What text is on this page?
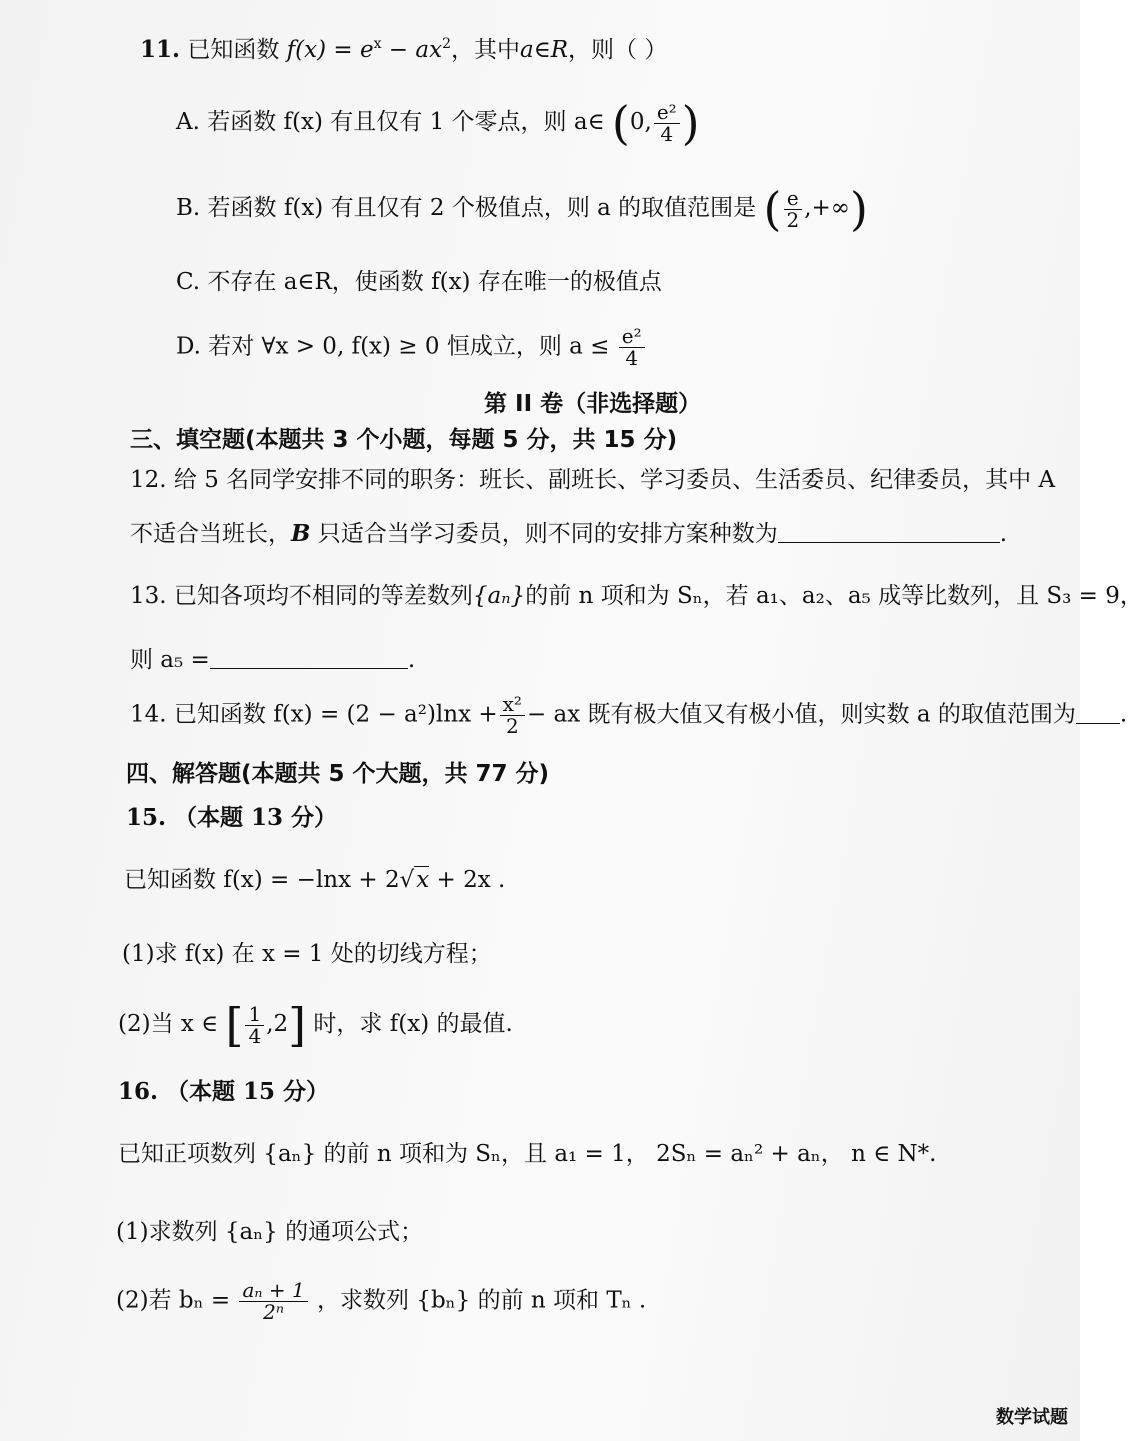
11. 已知函数 $f(x) = e^x - ax^2$，其中a∈R，则（ ）
A. 若函数 f(x) 有且仅有 1 个零点，则 a∈ (0, $\frac{\text{e²}}{4}$ )
B. 若函数 f(x) 有且仅有 2 个极值点，则 a 的取值范围是 ( $\frac{e}{2}$ ,+∞)
C. 不存在 a∈R，使函数 f(x) 存在唯一的极值点
D. 若对 ∀x > 0, f(x) ≥ 0 恒成立，则 $a \le \frac{\text{e²}}{4}$
第 II 卷（非选择题）
三、填空题(本题共 3 个小题，每题 5 分，共 15 分)
12. 给 5 名同学安排不同的职务：班长、副班长、学习委员、生活委员、纪律委员，其中 A
不适合当班长，B 只适合当学习委员，则不同的安排方案种数为	.
13. 已知各项均不相同的等差数列{aₙ}的前 n 项和为 Sₙ，若 a₁、a₂、a₅ 成等比数列，且 S₃ = 9，
则 a₅ =	.
14. 已知函数 $f(x) = (2 - a^2)\ln x + \frac{\text{x²}}{2}$ − ax 既有极大值又有极小值，则实数 a 的取值范围为 .
四、解答题(本题共 5 个大题，共 77 分)
15. （本题 13 分）
已知函数 f(x) = −lnx + 2√x + 2x .
(1)求 f(x) 在 x = 1 处的切线方程；
(2)当 x ∈ [ $\frac{1}{4} ,2$] 时，求 f(x) 的最值.
16. （本题 15 分）
已知正项数列 {aₙ} 的前 n 项和为 Sₙ，且 a₁ = 1， 2Sₙ = aₙ² + aₙ， n ∈ N*.
(1)求数列 {aₙ} 的通项公式；
(2)若 $b_n = \frac{\text{aₙ + 1}}{\text{2ⁿ}}$ ，求数列 {bₙ} 的前 n 项和 Tₙ .
数学试题
